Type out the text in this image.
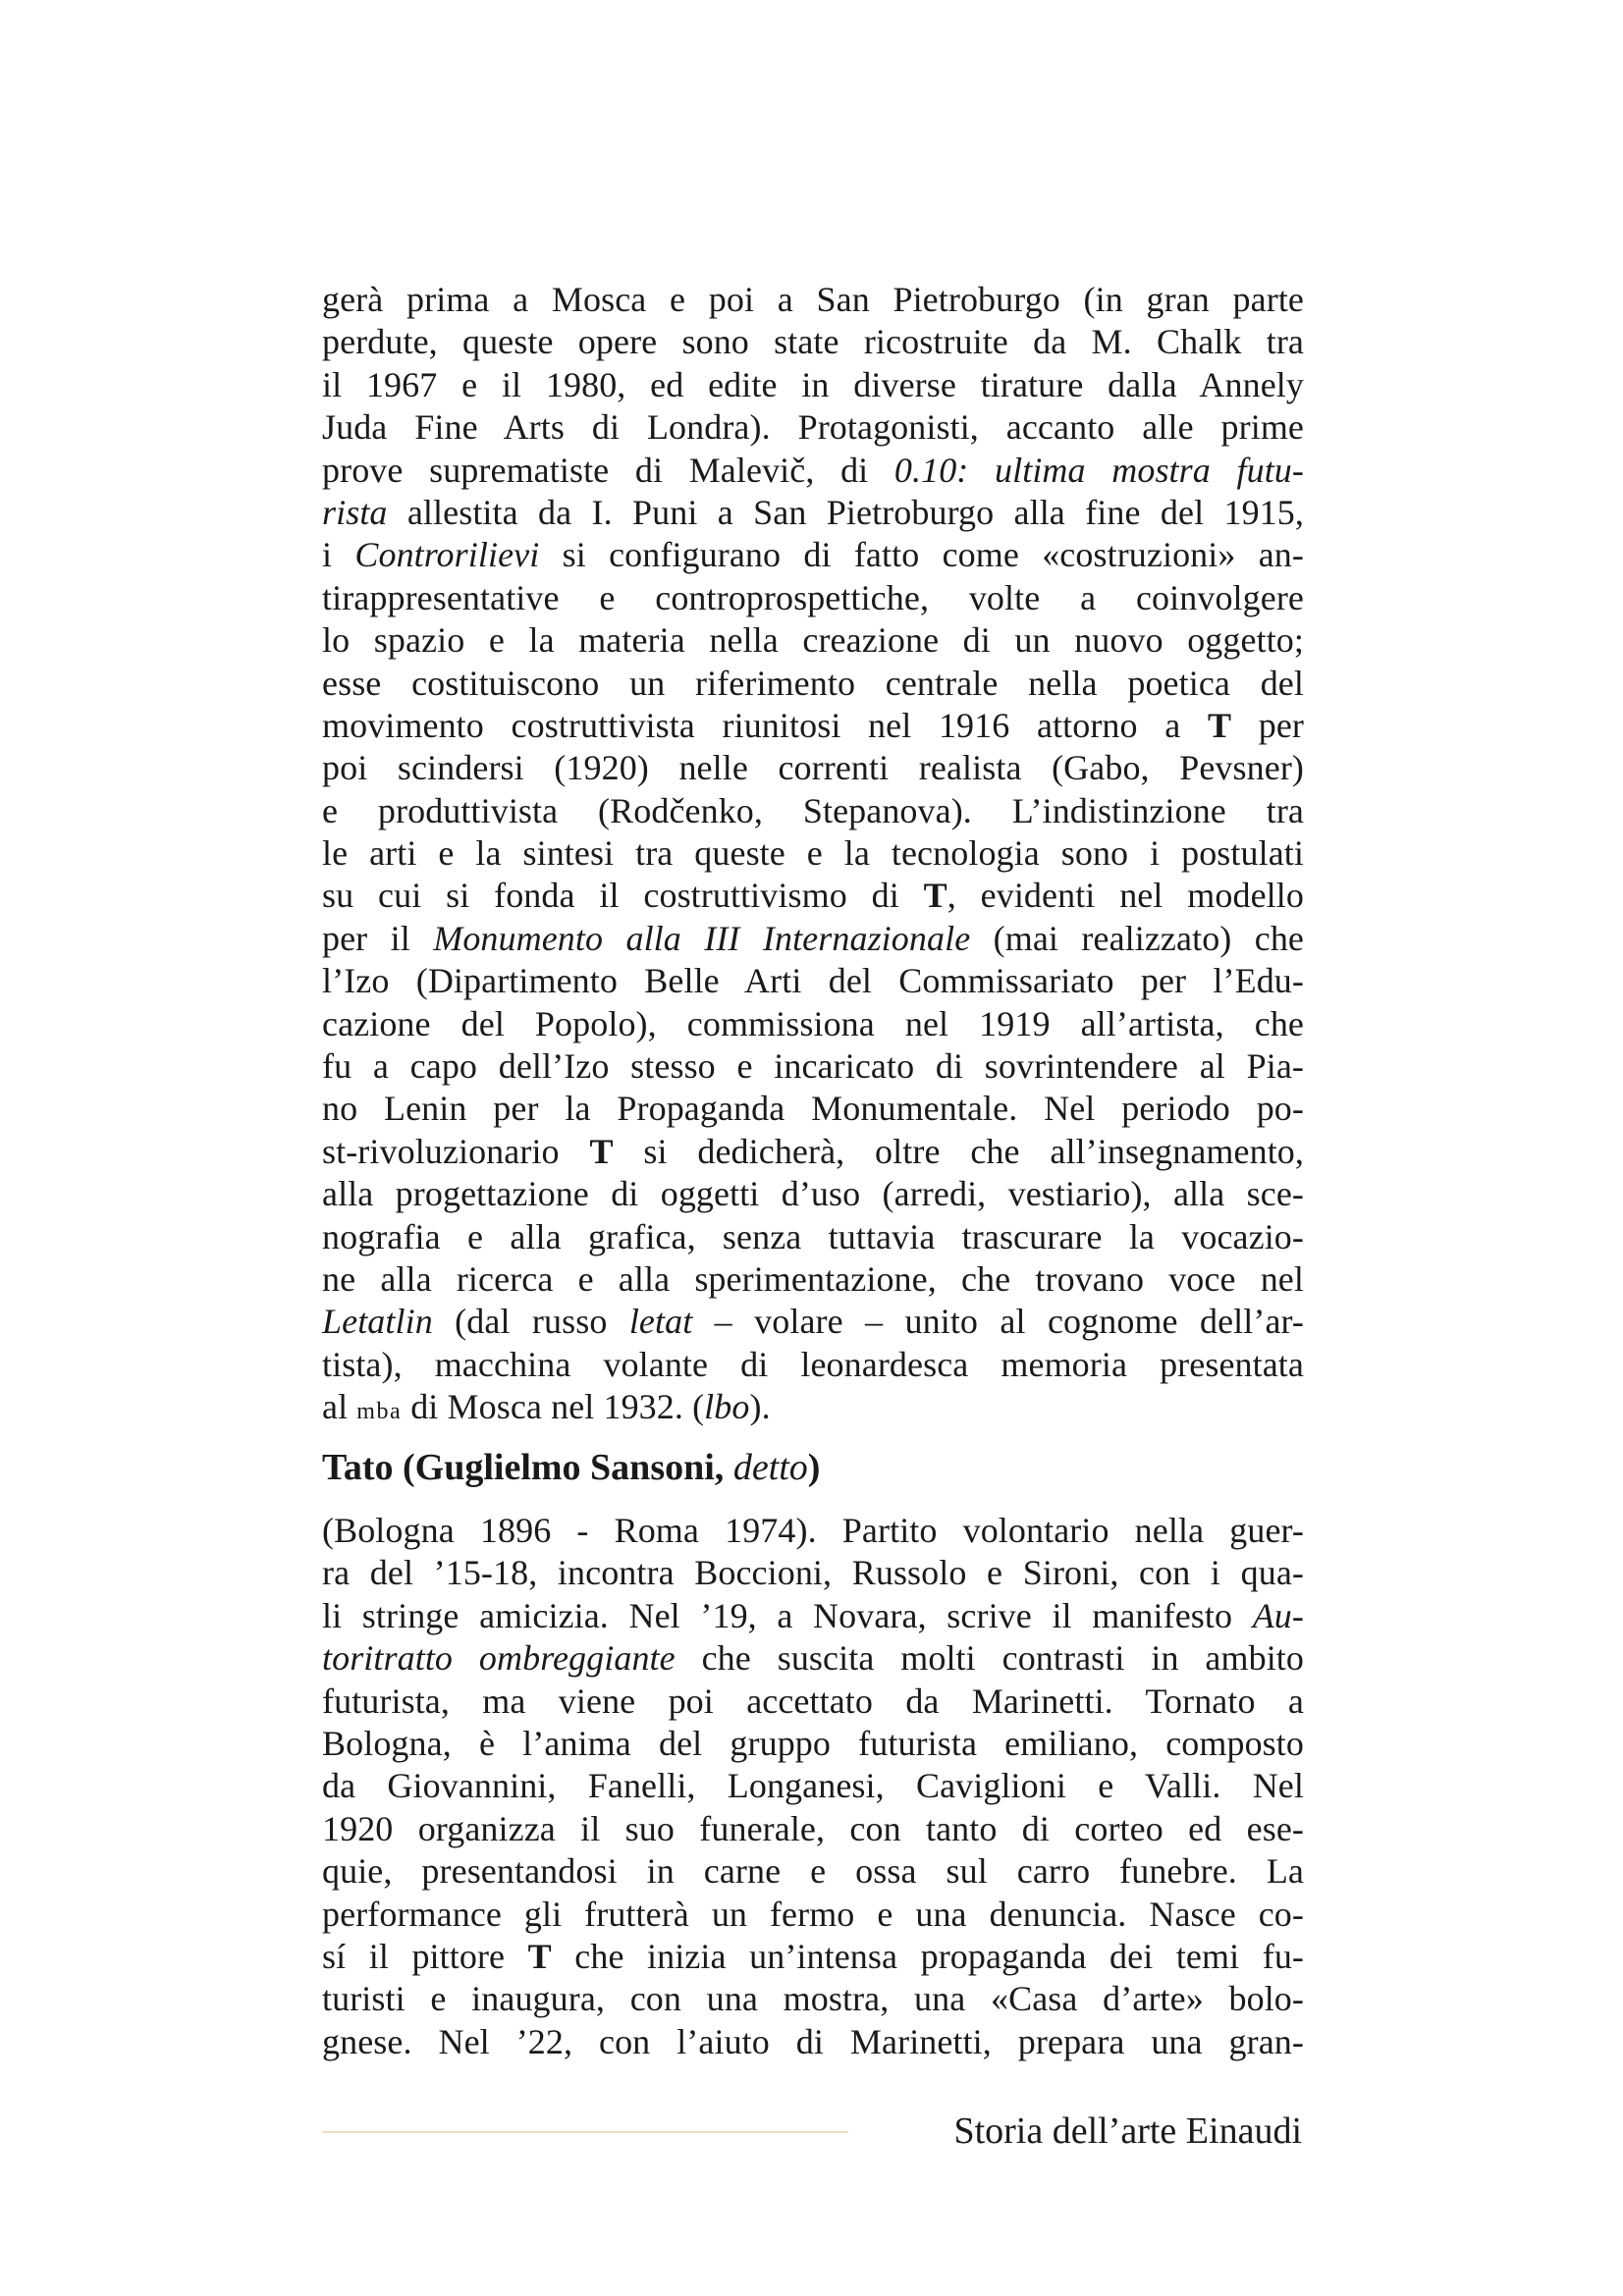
gerà prima a Mosca e poi a San Pietroburgo (in gran parte
perdute, queste opere sono state ricostruite da M. Chalk tra
il 1967 e il 1980, ed edite in diverse tirature dalla Annely
Juda Fine Arts di Londra). Protagonisti, accanto alle prime
prove suprematiste di Malevič, di 0.10: ultima mostra futu-
rista allestita da I. Puni a San Pietroburgo alla fine del 1915,
i Controrilievi si configurano di fatto come «costruzioni» an-
tirappresentative e controprospettiche, volte a coinvolgere
lo spazio e la materia nella creazione di un nuovo oggetto;
esse costituiscono un riferimento centrale nella poetica del
movimento costruttivista riunitosi nel 1916 attorno a T per
poi scindersi (1920) nelle correnti realista (Gabo, Pevsner)
e produttivista (Rodčenko, Stepanova). L’indistinzione tra
le arti e la sintesi tra queste e la tecnologia sono i postulati
su cui si fonda il costruttivismo di T, evidenti nel modello
per il Monumento alla III Internazionale (mai realizzato) che
l’Izo (Dipartimento Belle Arti del Commissariato per l’Edu-
cazione del Popolo), commissiona nel 1919 all’artista, che
fu a capo dell’Izo stesso e incaricato di sovrintendere al Pia-
no Lenin per la Propaganda Monumentale. Nel periodo po-
st-rivoluzionario T si dedicherà, oltre che all’insegnamento,
alla progettazione di oggetti d’uso (arredi, vestiario), alla sce-
nografia e alla grafica, senza tuttavia trascurare la vocazio-
ne alla ricerca e alla sperimentazione, che trovano voce nel
Letatlin (dal russo letat – volare – unito al cognome dell’ar-
tista), macchina volante di leonardesca memoria presentata
al mba di Mosca nel 1932. (lbo).
Tato (Guglielmo Sansoni, detto)
(Bologna 1896 - Roma 1974). Partito volontario nella guer-
ra del ’15-18, incontra Boccioni, Russolo e Sironi, con i qua-
li stringe amicizia. Nel ’19, a Novara, scrive il manifesto Au-
toritratto ombreggiante che suscita molti contrasti in ambito
futurista, ma viene poi accettato da Marinetti. Tornato a
Bologna, è l’anima del gruppo futurista emiliano, composto
da Giovannini, Fanelli, Longanesi, Caviglioni e Valli. Nel
1920 organizza il suo funerale, con tanto di corteo ed ese-
quie, presentandosi in carne e ossa sul carro funebre. La
performance gli frutterà un fermo e una denuncia. Nasce co-
sí il pittore T che inizia un’intensa propaganda dei temi fu-
turisti e inaugura, con una mostra, una «Casa d’arte» bolo-
gnese. Nel ’22, con l’aiuto di Marinetti, prepara una gran-
Storia dell’arte Einaudi
